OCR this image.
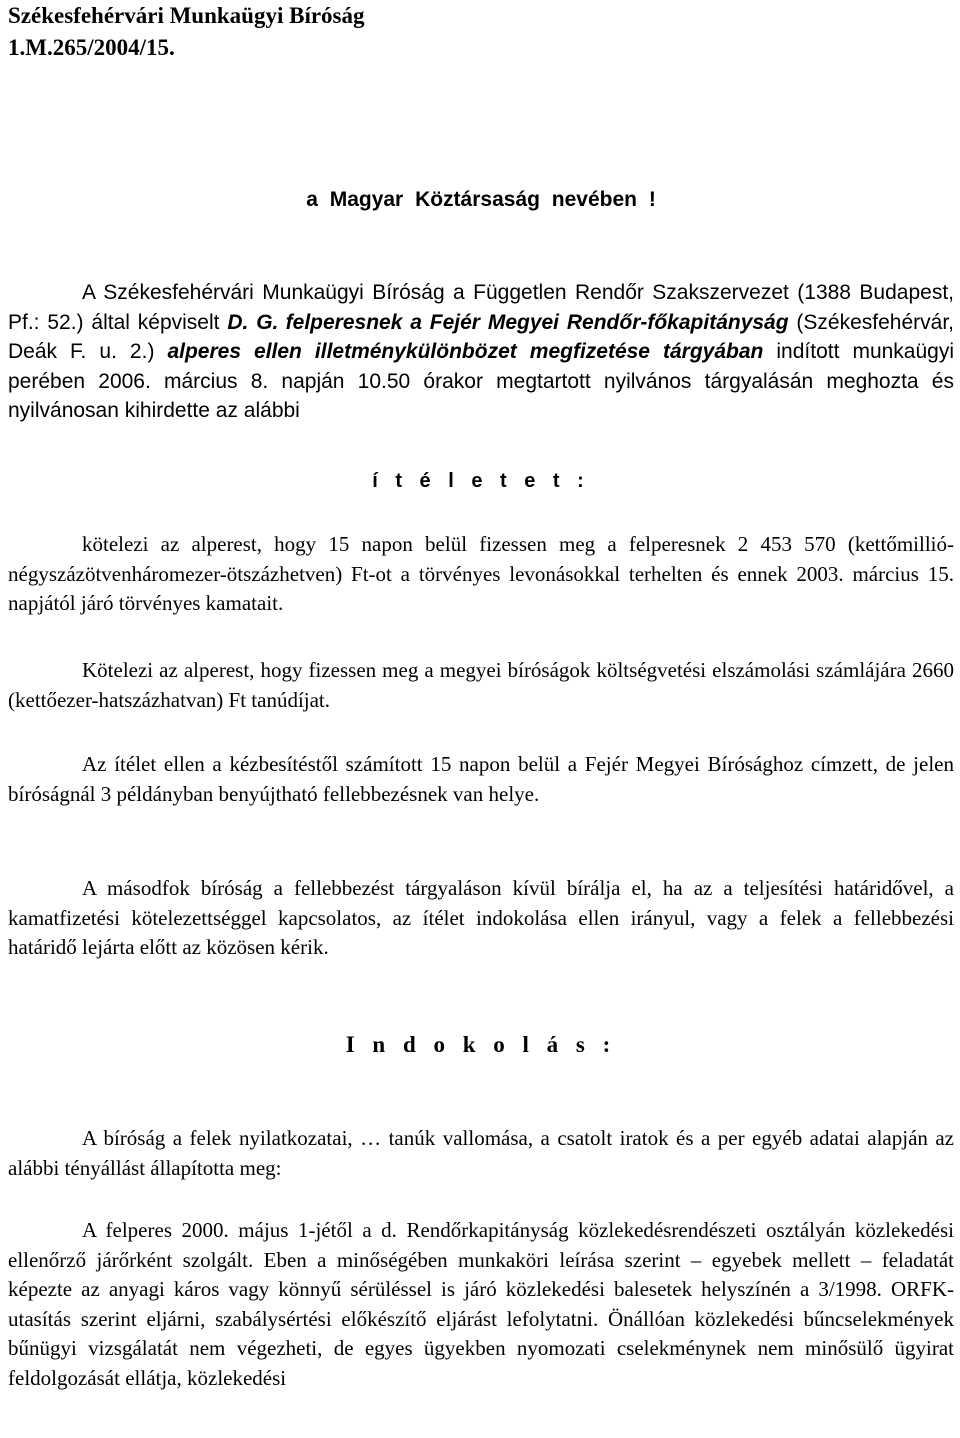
Székesfehérvári Munkaügyi Bíróság
1.M.265/2004/15.
a Magyar Köztársaság nevében !

A Székesfehérvári Munkaügyi Bíróság a Független Rendőr Szakszervezet (1388 Budapest, Pf.: 52.) által képviselt D. G. felperesnek a Fejér Megyei Rendőr-főkapitányság (Székesfehérvár, Deák F. u. 2.) alperes ellen illetménykülönbözet megfizetése tárgyában indított munkaügyi perében 2006. március 8. napján 10.50 órakor megtartott nyilvános tárgyalásán meghozta és nyilvánosan kihirdette az alábbi

í t é l e t e t :

kötelezi az alperest, hogy 15 napon belül fizessen meg a felperesnek 2 453 570 (kettőmillió-négyszázötvenháromezer-ötszázhetven) Ft-ot a törvényes levonásokkal terhelten és ennek 2003. március 15. napjától járó törvényes kamatait.

Kötelezi az alperest, hogy fizessen meg a megyei bíróságok költségvetési elszámolási számlájára 2660 (kettőezer-hatszázhatvan) Ft tanúdíjat.

Az ítélet ellen a kézbesítéstől számított 15 napon belül a Fejér Megyei Bírósághoz címzett, de jelen bíróságnál 3 példányban benyújtható fellebbezésnek van helye.

A másodfok bíróság a fellebbezést tárgyaláson kívül bírálja el, ha az a teljesítési határidővel, a kamatfizetési kötelezettséggel kapcsolatos, az ítélet indokolása ellen irányul, vagy a felek a fellebbezési határidő lejárta előtt az közösen kérik.

I n d o k o l á s :

A bíróság a felek nyilatkozatai, … tanúk vallomása, a csatolt iratok és a per egyéb adatai alapján az alábbi tényállást állapította meg:

A felperes 2000. május 1-jétől a d. Rendőrkapitányság közlekedésrendészeti osztályán közlekedési ellenőrző járőrként szolgált. Eben a minőségében munkaköri leírása szerint – egyebek mellett – feladatát képezte az anyagi káros vagy könnyű sérüléssel is járó közlekedési balesetek helyszínén a 3/1998. ORFK-utasítás szerint eljárni, szabálysértési előkészítő eljárást lefolytatni. Önállóan közlekedési bűncselekmények bűnügyi vizsgálatát nem végezheti, de egyes ügyekben nyomozati cselekménynek nem minősülő ügyirat feldolgozását ellátja, közlekedési
